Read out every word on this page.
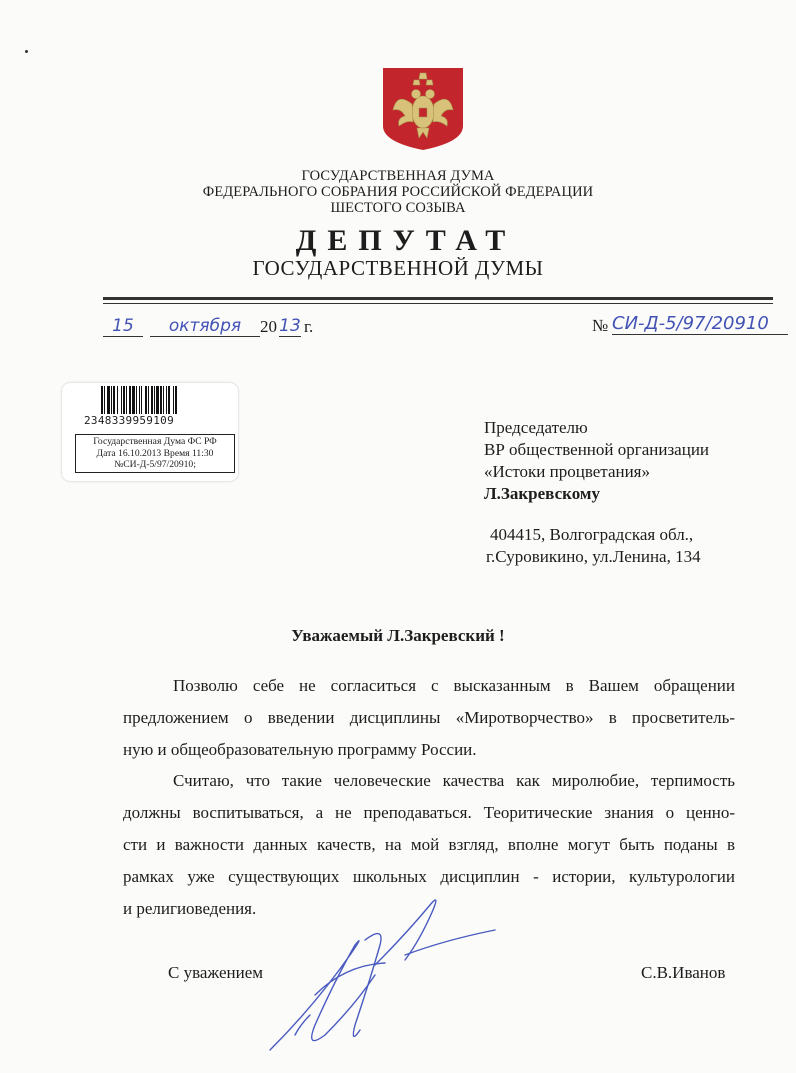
ГОСУДАРСТВЕННАЯ ДУМА
ФЕДЕРАЛЬНОГО СОБРАНИЯ РОССИЙСКОЙ ФЕДЕРАЦИИ
ШЕСТОГО СОЗЫВА
ДЕПУТАТ
ГОСУДАРСТВЕННОЙ ДУМЫ
15	октября	20 13 г.	№ СИ-Д-5/97/20910
2348339959109
Государственная Дума ФС РФ
Дата 16.10.2013 Время 11:30
№СИ-Д-5/97/20910;
Председателю
ВР общественной организации
«Истоки процветания»
Л.Закревскому
404415, Волгоградская обл.,
г.Суровикино, ул.Ленина, 134
Уважаемый Л.Закревский !
Позволю себе не согласиться с высказанным в Вашем обращении
предложением о введении дисциплины «Миротворчество» в просветитель-
ную и общеобразовательную программу России.
Считаю, что такие человеческие качества как миролюбие, терпимость
должны воспитываться, а не преподаваться. Теоритические знания о ценно-
сти и важности данных качеств, на мой взгляд, вполне могут быть поданы в
рамках уже существующих школьных дисциплин - истории, культурологии
и религиоведения.
С уважением	С.В.Иванов
